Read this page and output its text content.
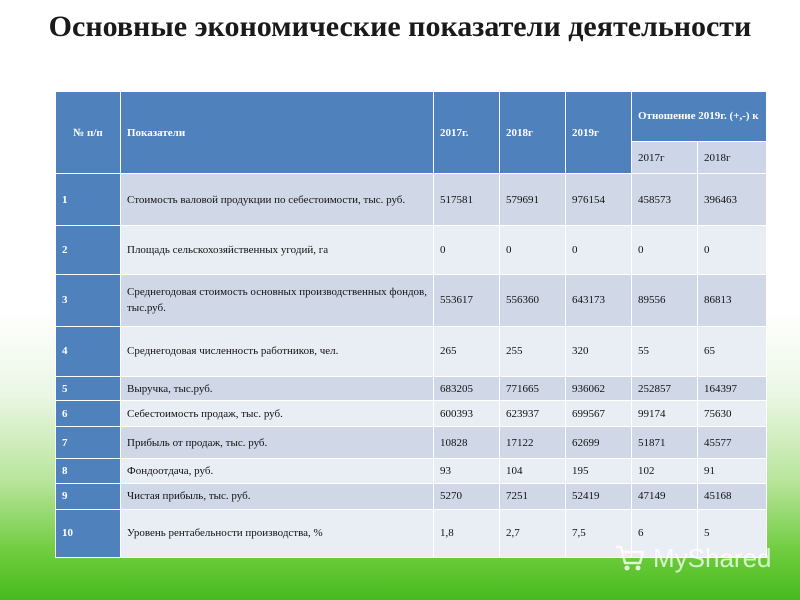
Основные экономические показатели деятельности
№ п/п	Показатели	2017г.	2018г	2019г	Отношение 2019г. (+,-) к	
					2017г	2018г
1	Стоимость валовой продукции по себестоимости, тыс. руб.	517581	579691	976154	458573	396463
2	Площадь сельскохозяйственных угодий, га	0	0	0	0	0
3	Среднегодовая стоимость основных производственных фондов, тыс.руб.	553617	556360	643173	89556	86813
4	Среднегодовая численность работников, чел.	265	255	320	55	65
5	Выручка, тыс.руб.	683205	771665	936062	252857	164397
6	Себестоимость продаж, тыс. руб.	600393	623937	699567	99174	75630
7	Прибыль от продаж, тыс. руб.	10828	17122	62699	51871	45577
8	Фондоотдача, руб.	93	104	195	102	91
9	Чистая прибыль, тыс. руб.	5270	7251	52419	47149	45168
10	Уровень рентабельности производства, %	1,8	2,7	7,5	6	5
MyShared
